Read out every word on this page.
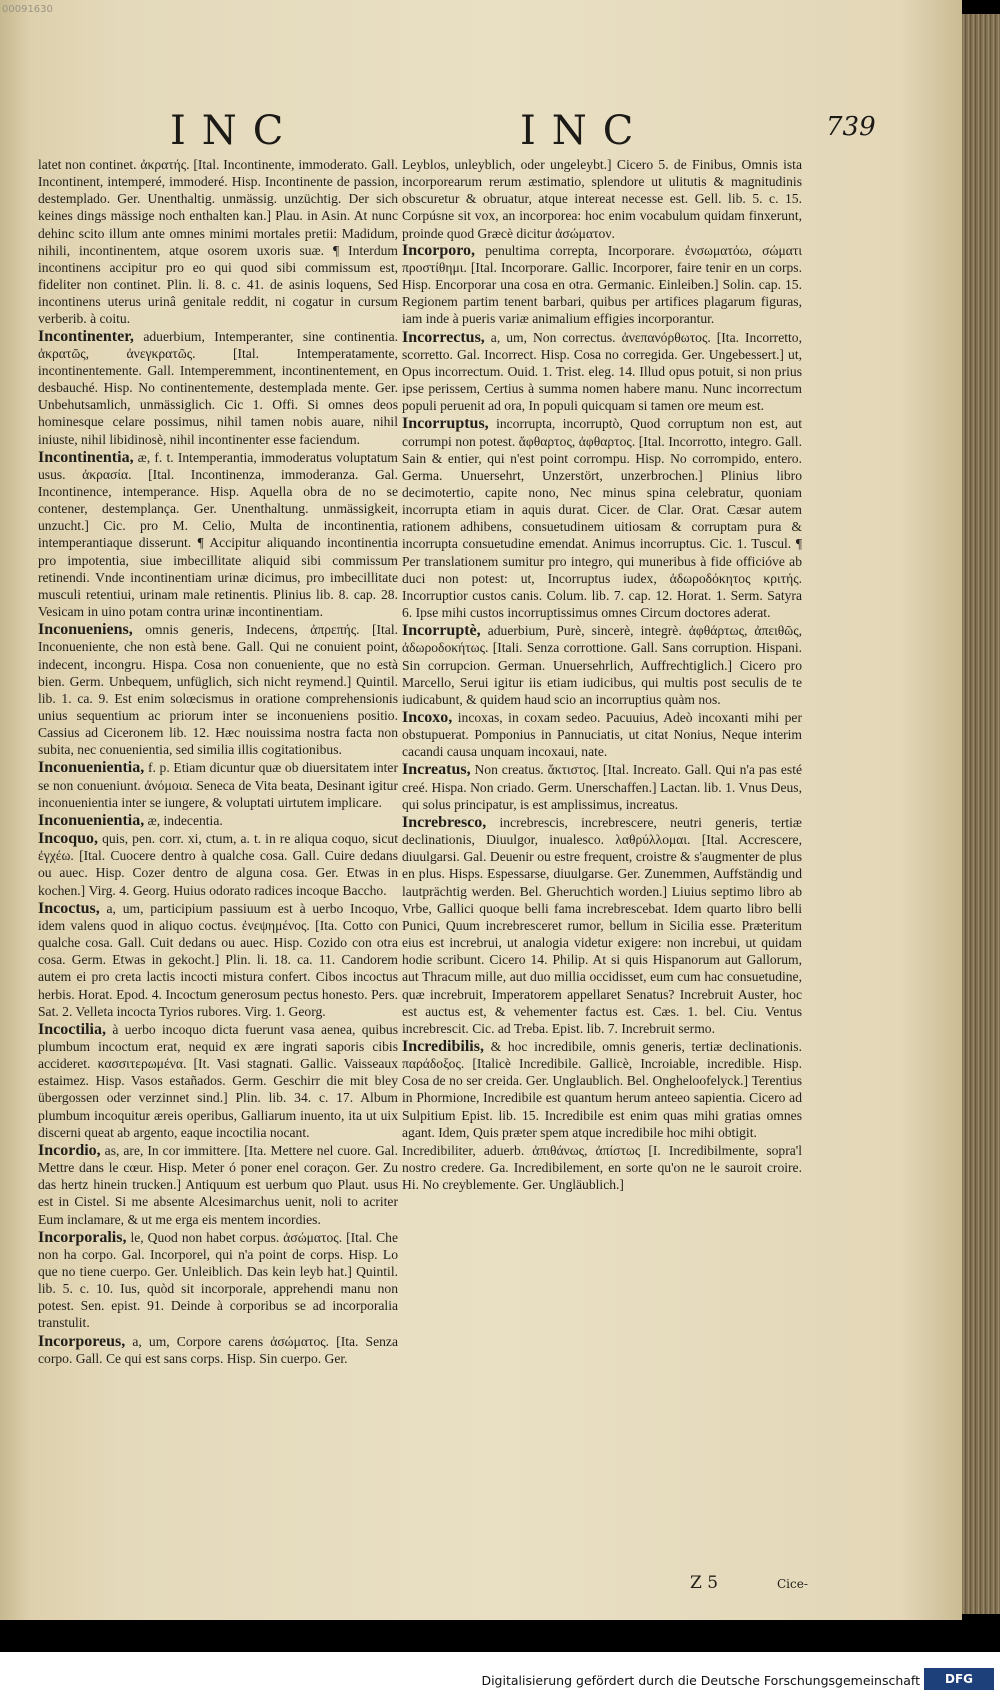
00091630
INC	INC	739

latet non continet. ἀκρατής. [Ital. Incontinente, immoderato. Gall. Incontinent, intemperé, immoderé. Hisp. Incontinente de passion, destemplado. Ger. Unenthaltig. unmässig. unzüchtig. Der sich keines dings mässige noch enthalten kan.] Plau. in Asin. At nunc dehinc scito illum ante omnes minimi mortales pretii: Madidum, nihili, incontinentem, atque osorem uxoris suæ. ¶ Interdum incontinens accipitur pro eo qui quod sibi commissum est, fideliter non continet. Plin. li. 8. c. 41. de asinis loquens, Sed incontinens uterus urinâ genitale reddit, ni cogatur in cursum verberib. à coitu.

Incontinenter, aduerbium, Intemperanter, sine continentia. ἀκρατῶς, ἀνεγκρατῶς. [Ital. Intemperatamente, incontinentemente. Gall. Intemperemment, incontinentement, en desbauché. Hisp. No continentemente, destemplada mente. Ger. Unbehutsamlich, unmässiglich. Cic 1. Offi. Si omnes deos hominesque celare possimus, nihil tamen nobis auare, nihil iniuste, nihil libidinosè, nihil incontinenter esse faciendum.

Incontinentia, æ, f. t. Intemperantia, immoderatus voluptatum usus. ἀκρασία. [Ital. Incontinenza, immoderanza. Gal. Incontinence, intemperance. Hisp. Aquella obra de no se contener, destemplança. Ger. Unenthaltung. unmässigkeit, unzucht.] Cic. pro M. Celio, Multa de incontinentia, intemperantiaque disserunt. ¶ Accipitur aliquando incontinentia pro impotentia, siue imbecillitate aliquid sibi commissum retinendi. Vnde incontinentiam urinæ dicimus, pro imbecillitate musculi retentiui, urinam male retinentis. Plinius lib. 8. cap. 28. Vesicam in uino potam contra urinæ incontinentiam.

Inconueniens, omnis generis, Indecens, ἀπρεπής. [Ital. Inconueniente, che non està bene. Gall. Qui ne conuient point, indecent, incongru. Hispa. Cosa non conueniente, que no està bien. Germ. Unbequem, unfüglich, sich nicht reymend.] Quintil. lib. 1. ca. 9. Est enim solœcismus in oratione comprehensionis unius sequentium ac priorum inter se inconueniens positio. Cassius ad Ciceronem lib. 12. Hæc nouissima nostra facta non subita, nec conuenientia, sed similia illis cogitationibus.

Inconuenientia, f. p. Etiam dicuntur quæ ob diuersitatem inter se non conueniunt. ἀνόμοια. Seneca de Vita beata, Desinant igitur inconuenientia inter se iungere, & voluptati uirtutem implicare.

Inconuenientia, æ, indecentia.

Incoquo, quis, pen. corr. xi, ctum, a. t. in re aliqua coquo, sicut ἐγχέω. [Ital. Cuocere dentro à qualche cosa. Gall. Cuire dedans ou auec. Hisp. Cozer dentro de alguna cosa. Ger. Etwas in kochen.] Virg. 4. Georg. Huius odorato radices incoque Baccho.

Incoctus, a, um, participium passiuum est à uerbo Incoquo, idem valens quod in aliquo coctus. ἐνεψημένος. [Ita. Cotto con qualche cosa. Gall. Cuit dedans ou auec. Hisp. Cozido con otra cosa. Germ. Etwas in gekocht.] Plin. li. 18. ca. 11. Candorem autem ei pro creta lactis incocti mistura confert. Cibos incoctus herbis. Horat. Epod. 4. Incoctum generosum pectus honesto. Pers. Sat. 2. Velleta incocta Tyrios rubores. Virg. 1. Georg.

Incoctilia, à uerbo incoquo dicta fuerunt vasa aenea, quibus plumbum incoctum erat, nequid ex ære ingrati saporis cibis accideret. κασσιτερωμένα. [It. Vasi stagnati. Gallic. Vaisseaux estaimez. Hisp. Vasos estañados. Germ. Geschirr die mit bley übergossen oder verzinnet sind.] Plin. lib. 34. c. 17. Album plumbum incoquitur æreis operibus, Galliarum inuento, ita ut uix discerni queat ab argento, eaque incoctilia nocant.

Incordio, as, are, In cor immittere. [Ita. Mettere nel cuore. Gal. Mettre dans le cœur. Hisp. Meter ó poner enel coraçon. Ger. Zu das hertz hinein trucken.] Antiquum est uerbum quo Plaut. usus est in Cistel. Si me absente Alcesimarchus uenit, noli to acriter Eum inclamare, & ut me erga eis mentem incordies.

Incorporalis, le, Quod non habet corpus. ἀσώματος. [Ital. Che non ha corpo. Gal. Incorporel, qui n'a point de corps. Hisp. Lo que no tiene cuerpo. Ger. Unleiblich. Das kein leyb hat.] Quintil. lib. 5. c. 10. Ius, quòd sit incorporale, apprehendi manu non potest. Sen. epist. 91. Deinde à corporibus se ad incorporalia transtulit.

Incorporeus, a, um, Corpore carens ἀσώματος. [Ita. Senza corpo. Gall. Ce qui est sans corps. Hisp. Sin cuerpo. Ger.

Leyblos, unleyblich, oder ungeleybt.] Cicero 5. de Finibus, Omnis ista incorporearum rerum æstimatio, splendore ut ulitutis & magnitudinis obscuretur & obruatur, atque intereat necesse est. Gell. lib. 5. c. 15. Corpúsne sit vox, an incorporea: hoc enim vocabulum quidam finxerunt, proinde quod Græcè dicitur ἀσώματον.

Incorporo, penultima correpta, Incorporare. ἐνσωματόω, σώματι προστίθημι. [Ital. Incorporare. Gallic. Incorporer, faire tenir en un corps. Hisp. Encorporar una cosa en otra. Germanic. Einleiben.] Solin. cap. 15. Regionem partim tenent barbari, quibus per artifices plagarum figuras, iam inde à pueris variæ animalium effigies incorporantur.

Incorrectus, a, um, Non correctus. ἀνεπανόρθωτος. [Ita. Incorretto, scorretto. Gal. Incorrect. Hisp. Cosa no corregida. Ger. Ungebessert.] ut, Opus incorrectum. Ouid. 1. Trist. eleg. 14. Illud opus potuit, si non prius ipse perissem, Certius à summa nomen habere manu. Nunc incorrectum populi peruenit ad ora, In populi quicquam si tamen ore meum est.

Incorruptus, incorrupta, incorruptò, Quod corruptum non est, aut corrumpi non potest. ἄφθαρτος, ἀφθαρτος. [Ital. Incorrotto, integro. Gall. Sain & entier, qui n'est point corrompu. Hisp. No corrompido, entero. Germa. Unuersehrt, Unzerstört, unzerbrochen.] Plinius libro decimotertio, capite nono, Nec minus spina celebratur, quoniam incorrupta etiam in aquis durat. Cicer. de Clar. Orat. Cæsar autem rationem adhibens, consuetudinem uitiosam & corruptam pura & incorrupta consuetudine emendat. Animus incorruptus. Cic. 1. Tuscul. ¶ Per translationem sumitur pro integro, qui muneribus à fide officióve ab duci non potest: ut, Incorruptus iudex, ἀδωροδόκητος κριτής. Incorruptior custos canis. Colum. lib. 7. cap. 12. Horat. 1. Serm. Satyra 6. Ipse mihi custos incorruptissimus omnes Circum doctores aderat.

Incorruptè, aduerbium, Purè, sincerè, integrè. ἀφθάρτως, ἀπειθῶς, ἀδωροδοκήτως. [Itali. Senza corrottione. Gall. Sans corruption. Hispani. Sin corrupcion. German. Unuersehrlich, Auffrechtiglich.] Cicero pro Marcello, Serui igitur iis etiam iudicibus, qui multis post seculis de te iudicabunt, & quidem haud scio an incorruptius quàm nos.

Incoxo, incoxas, in coxam sedeo. Pacuuius, Adeò incoxanti mihi per obstupuerat. Pomponius in Pannuciatis, ut citat Nonius, Neque interim cacandi causa unquam incoxaui, nate.

Increatus, Non creatus. ἄκτιστος. [Ital. Increato. Gall. Qui n'a pas esté creé. Hispa. Non criado. Germ. Unerschaffen.] Lactan. lib. 1. Vnus Deus, qui solus principatur, is est amplissimus, increatus.

Increbresco, increbrescis, increbrescere, neutri generis, tertiæ declinationis, Diuulgor, inualesco. λαθρύλλομαι. [Ital. Accrescere, diuulgarsi. Gal. Deuenir ou estre frequent, croistre & s'augmenter de plus en plus. Hisps. Espessarse, diuulgarse. Ger. Zunemmen, Auffständig und lautprächtig werden. Bel. Gheruchtich worden.] Liuius septimo libro ab Vrbe, Gallici quoque belli fama increbrescebat. Idem quarto libro belli Punici, Quum increbresceret rumor, bellum in Sicilia esse. Præteritum eius est increbrui, ut analogia videtur exigere: non increbui, ut quidam hodie scribunt. Cicero 14. Philip. At si quis Hispanorum aut Gallorum, aut Thracum mille, aut duo millia occidisset, eum cum hac consuetudine, quæ increbruit, Imperatorem appellaret Senatus? Increbruit Auster, hoc est auctus est, & vehementer factus est. Cæs. 1. bel. Ciu. Ventus increbrescit. Cic. ad Treba. Epist. lib. 7. Increbruit sermo.

Incredibilis, & hoc incredibile, omnis generis, tertiæ declinationis. παράδοξος. [Italicè Incredibile. Gallicè, Incroiable, incredible. Hisp. Cosa de no ser creida. Ger. Unglaublich. Bel. Ongheloofelyck.] Terentius in Phormione, Incredibile est quantum herum anteeo sapientia. Cicero ad Sulpitium Epist. lib. 15. Incredibile est enim quas mihi gratias omnes agant. Idem, Quis præter spem atque incredibile hoc mihi obtigit.

Incredibiliter, aduerb. ἀπιθάνως, ἀπίστως [I. Incredibilmente, sopra'l nostro credere. Ga. Incredibilement, en sorte qu'on ne le sauroit croire. Hi. No creyblemente. Ger. Ungläublich.]

Z 5	Cice-
Digitalisierung gefördert durch die Deutsche Forschungsgemeinschaft	DFG
